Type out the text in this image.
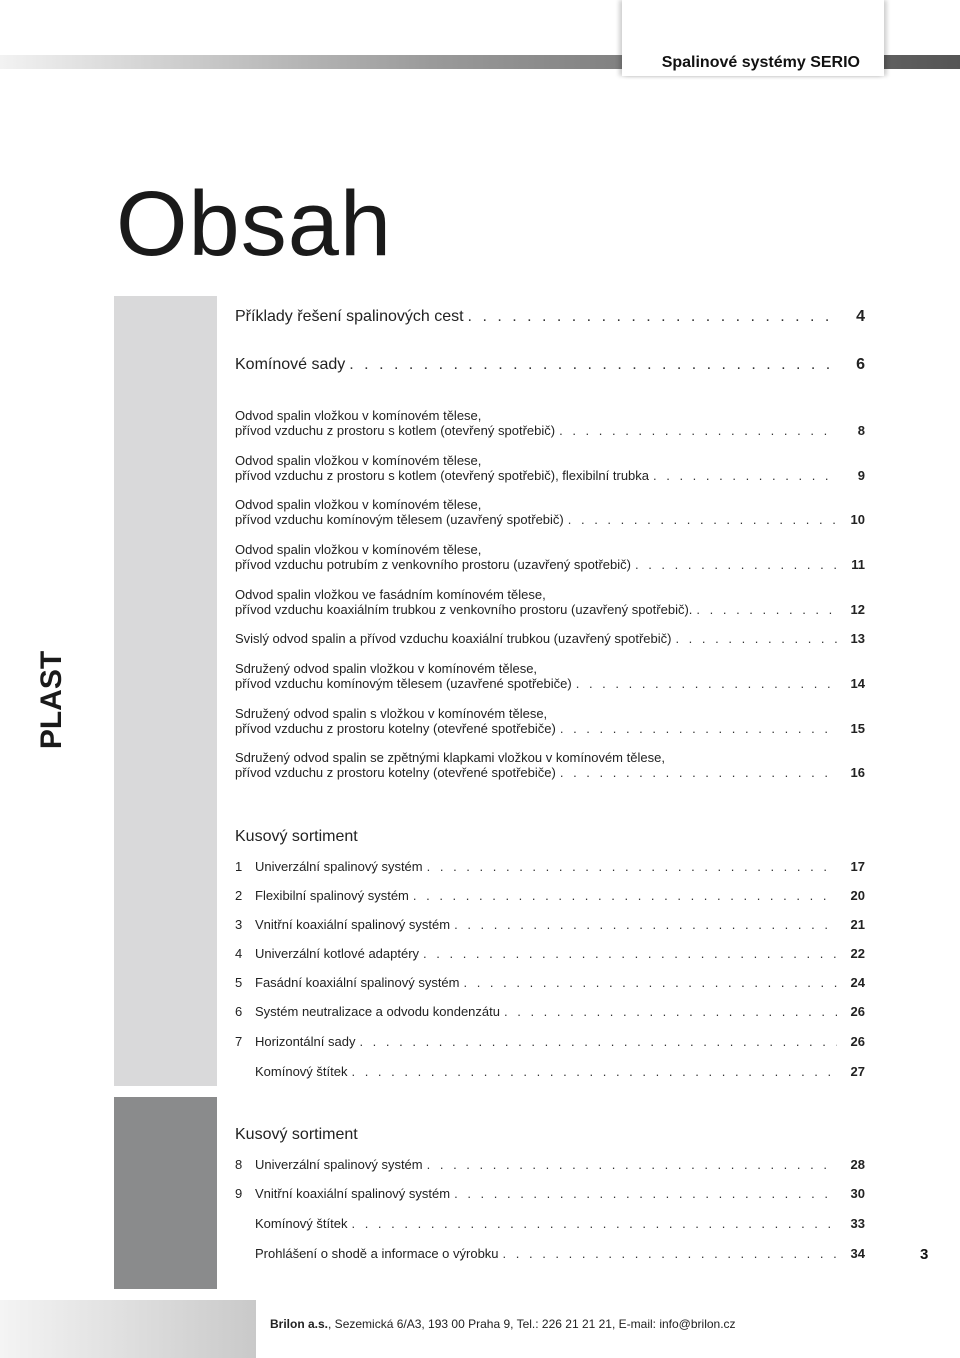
Spalinové systémy SERIO
Obsah
PLAST
HLINÍK
Příklady řešení spalinových cest . . .	4
Komínové sady . . .	6
Odvod spalin vložkou v komínovém tělese,
přívod vzduchu z prostoru s kotlem (otevřený spotřebič) . . .	8
Odvod spalin vložkou v komínovém tělese,
přívod vzduchu z prostoru s kotlem (otevřený spotřebič), flexibilní trubka . . .	9
Odvod spalin vložkou v komínovém tělese,
přívod vzduchu komínovým tělesem (uzavřený spotřebič) . . .	10
Odvod spalin vložkou v komínovém tělese,
přívod vzduchu potrubím z venkovního prostoru (uzavřený spotřebič) . . .	11
Odvod spalin vložkou ve fasádním komínovém tělese,
přívod vzduchu koaxiálním trubkou z venkovního prostoru (uzavřený spotřebič). . . .	12
Svislý odvod spalin a přívod vzduchu koaxiální trubkou (uzavřený spotřebič) . . .	13
Sdružený odvod spalin vložkou v komínovém tělese,
přívod vzduchu komínovým tělesem (uzavřené spotřebiče) . . .	14
Sdružený odvod spalin s vložkou v komínovém tělese,
přívod vzduchu z prostoru kotelny (otevřené spotřebiče) . . .	15
Sdružený odvod spalin se zpětnými klapkami vložkou v komínovém tělese,
přívod vzduchu z prostoru kotelny (otevřené spotřebiče) . . .	16
Kusový sortiment
1 Univerzální spalinový systém . . .	17
2 Flexibilní spalinový systém . . .	20
3 Vnitřní koaxiální spalinový systém . . .	21
4 Univerzální kotlové adaptéry . . .	22
5 Fasádní koaxiální spalinový systém . . .	24
6 Systém neutralizace a odvodu kondenzátu . . .	26
7 Horizontální sady . . .	26
Komínový štítek . . .	27
Kusový sortiment
8 Univerzální spalinový systém . . .	28
9 Vnitřní koaxiální spalinový systém . . .	30
Komínový štítek . . .	33
Prohlášení o shodě a informace o výrobku . . .	34	3
Brilon a.s., Sezemická 6/A3, 193 00 Praha 9, Tel.: 226 21 21 21, E-mail: info@brilon.cz
